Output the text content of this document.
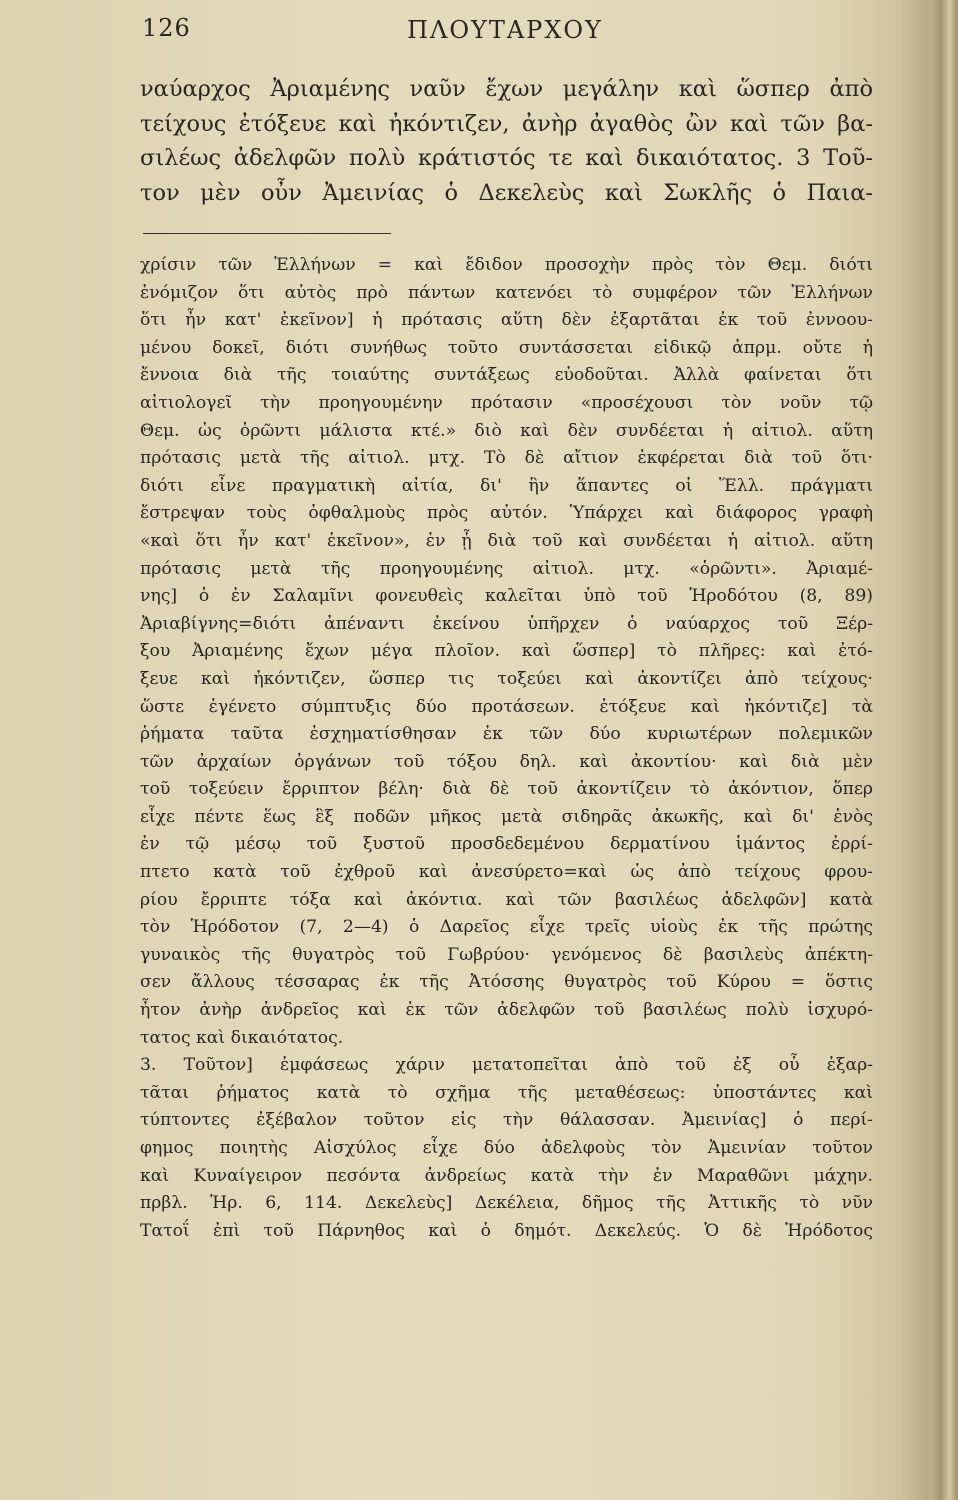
126	ΠΛΟΥΤΑΡΧΟΥ

ναύαρχος Ἀριαμένης ναῦν ἔχων μεγάλην καὶ ὥσπερ ἀπὸ

τείχους ἐτόξευε καὶ ἠκόντιζεν, ἀνὴρ ἀγαθὸς ὢν καὶ τῶν βα-

σιλέως ἀδελφῶν πολὺ κράτιστός τε καὶ δικαιότατος. 3 Τοῦ-

τον μὲν οὖν Ἀμεινίας ὁ Δεκελεὺς καὶ Σωκλῆς ὁ Παια-

χρίσιν τῶν Ἑλλήνων = καὶ ἔδιδον προσοχὴν πρὸς τὸν Θεμ. διότι

ἐνόμιζον ὅτι αὐτὸς πρὸ πάντων κατενόει τὸ συμφέρον τῶν Ἑλλήνων

ὅτι ἦν κατ' ἐκεῖνον] ἡ πρότασις αὕτη δὲν ἐξαρτᾶται ἐκ τοῦ ἐννοου-

μένου δοκεῖ, διότι συνήθως τοῦτο συντάσσεται εἰδικῷ ἀπρμ. οὔτε ἡ

ἔννοια διὰ τῆς τοιαύτης συντάξεως εὐοδοῦται. Ἀλλὰ φαίνεται ὅτι

αἰτιολογεῖ τὴν προηγουμένην πρότασιν «προσέχουσι τὸν νοῦν τῷ

Θεμ. ὡς ὁρῶντι μάλιστα κτέ.» διὸ καὶ δὲν συνδέεται ἡ αἰτιολ. αὕτη

πρότασις μετὰ τῆς αἰτιολ. μτχ. Τὸ δὲ αἴτιον ἐκφέρεται διὰ τοῦ ὅτι·

διότι εἶνε πραγματικὴ αἰτία, δι' ἣν ἅπαντες οἱ Ἕλλ. πράγματι

ἔστρεψαν τοὺς ὀφθαλμοὺς πρὸς αὐτόν. Ὑπάρχει καὶ διάφορος γραφὴ

«καὶ ὅτι ἦν κατ' ἐκεῖνον», ἐν ᾗ διὰ τοῦ καὶ συνδέεται ἡ αἰτιολ. αὕτη

πρότασις μετὰ τῆς προηγουμένης αἰτιολ. μτχ. «ὁρῶντι». Ἀριαμέ-

νης] ὁ ἐν Σαλαμῖνι φονευθεὶς καλεῖται ὑπὸ τοῦ Ἡροδότου (8, 89)

Ἀριαβίγνης=διότι ἀπέναντι ἐκείνου ὑπῆρχεν ὁ ναύαρχος τοῦ Ξέρ-

ξου Ἀριαμένης ἔχων μέγα πλοῖον. καὶ ὥσπερ] τὸ πλῆρες: καὶ ἐτό-

ξευε καὶ ἠκόντιζεν, ὥσπερ τις τοξεύει καὶ ἀκοντίζει ἀπὸ τείχους·

ὥστε ἐγένετο σύμπτυξις δύο προτάσεων. ἐτόξευε καὶ ἠκόντιζε] τὰ

ῥήματα ταῦτα ἐσχηματίσθησαν ἐκ τῶν δύο κυριωτέρων πολεμικῶν

τῶν ἀρχαίων ὀργάνων τοῦ τόξου δηλ. καὶ ἀκοντίου· καὶ διὰ μὲν

τοῦ τοξεύειν ἔρριπτον βέλη· διὰ δὲ τοῦ ἀκοντίζειν τὸ ἀκόντιον, ὅπερ

εἶχε πέντε ἕως ἓξ ποδῶν μῆκος μετὰ σιδηρᾶς ἀκωκῆς, καὶ δι' ἑνὸς

ἐν τῷ μέσῳ τοῦ ξυστοῦ προσδεδεμένου δερματίνου ἱμάντος ἐρρί-

πτετο κατὰ τοῦ ἐχθροῦ καὶ ἀνεσύρετο=καὶ ὡς ἀπὸ τείχους φρου-

ρίου ἔρριπτε τόξα καὶ ἀκόντια. καὶ τῶν βασιλέως ἀδελφῶν] κατὰ

τὸν Ἡρόδοτον (7, 2—4) ὁ Δαρεῖος εἶχε τρεῖς υἱοὺς ἐκ τῆς πρώτης

γυναικὸς τῆς θυγατρὸς τοῦ Γωβρύου· γενόμενος δὲ βασιλεὺς ἀπέκτη-

σεν ἄλλους τέσσαρας ἐκ τῆς Ἀτόσσης θυγατρὸς τοῦ Κύρου = ὅστις

ἦτον ἀνὴρ ἀνδρεῖος καὶ ἐκ τῶν ἀδελφῶν τοῦ βασιλέως πολὺ ἰσχυρό-

τατος καὶ δικαιότατος.

3. Τοῦτον] ἐμφάσεως χάριν μετατοπεῖται ἀπὸ τοῦ ἐξ οὗ ἐξαρ-

τᾶται ῥήματος κατὰ τὸ σχῆμα τῆς μεταθέσεως: ὑποστάντες καὶ

τύπτοντες ἐξέβαλον τοῦτον εἰς τὴν θάλασσαν. Ἀμεινίας] ὁ περί-

φημος ποιητὴς Αἰσχύλος εἶχε δύο ἀδελφοὺς τὸν Ἀμεινίαν τοῦτον

καὶ Κυναίγειρον πεσόντα ἀνδρείως κατὰ τὴν ἐν Μαραθῶνι μάχην.

πρβλ. Ἡρ. 6, 114. Δεκελεὺς] Δεκέλεια, δῆμος τῆς Ἀττικῆς τὸ νῦν

Τατοΐ ἐπὶ τοῦ Πάρνηθος καὶ ὁ δημότ. Δεκελεύς. Ὁ δὲ Ἡρόδοτος
